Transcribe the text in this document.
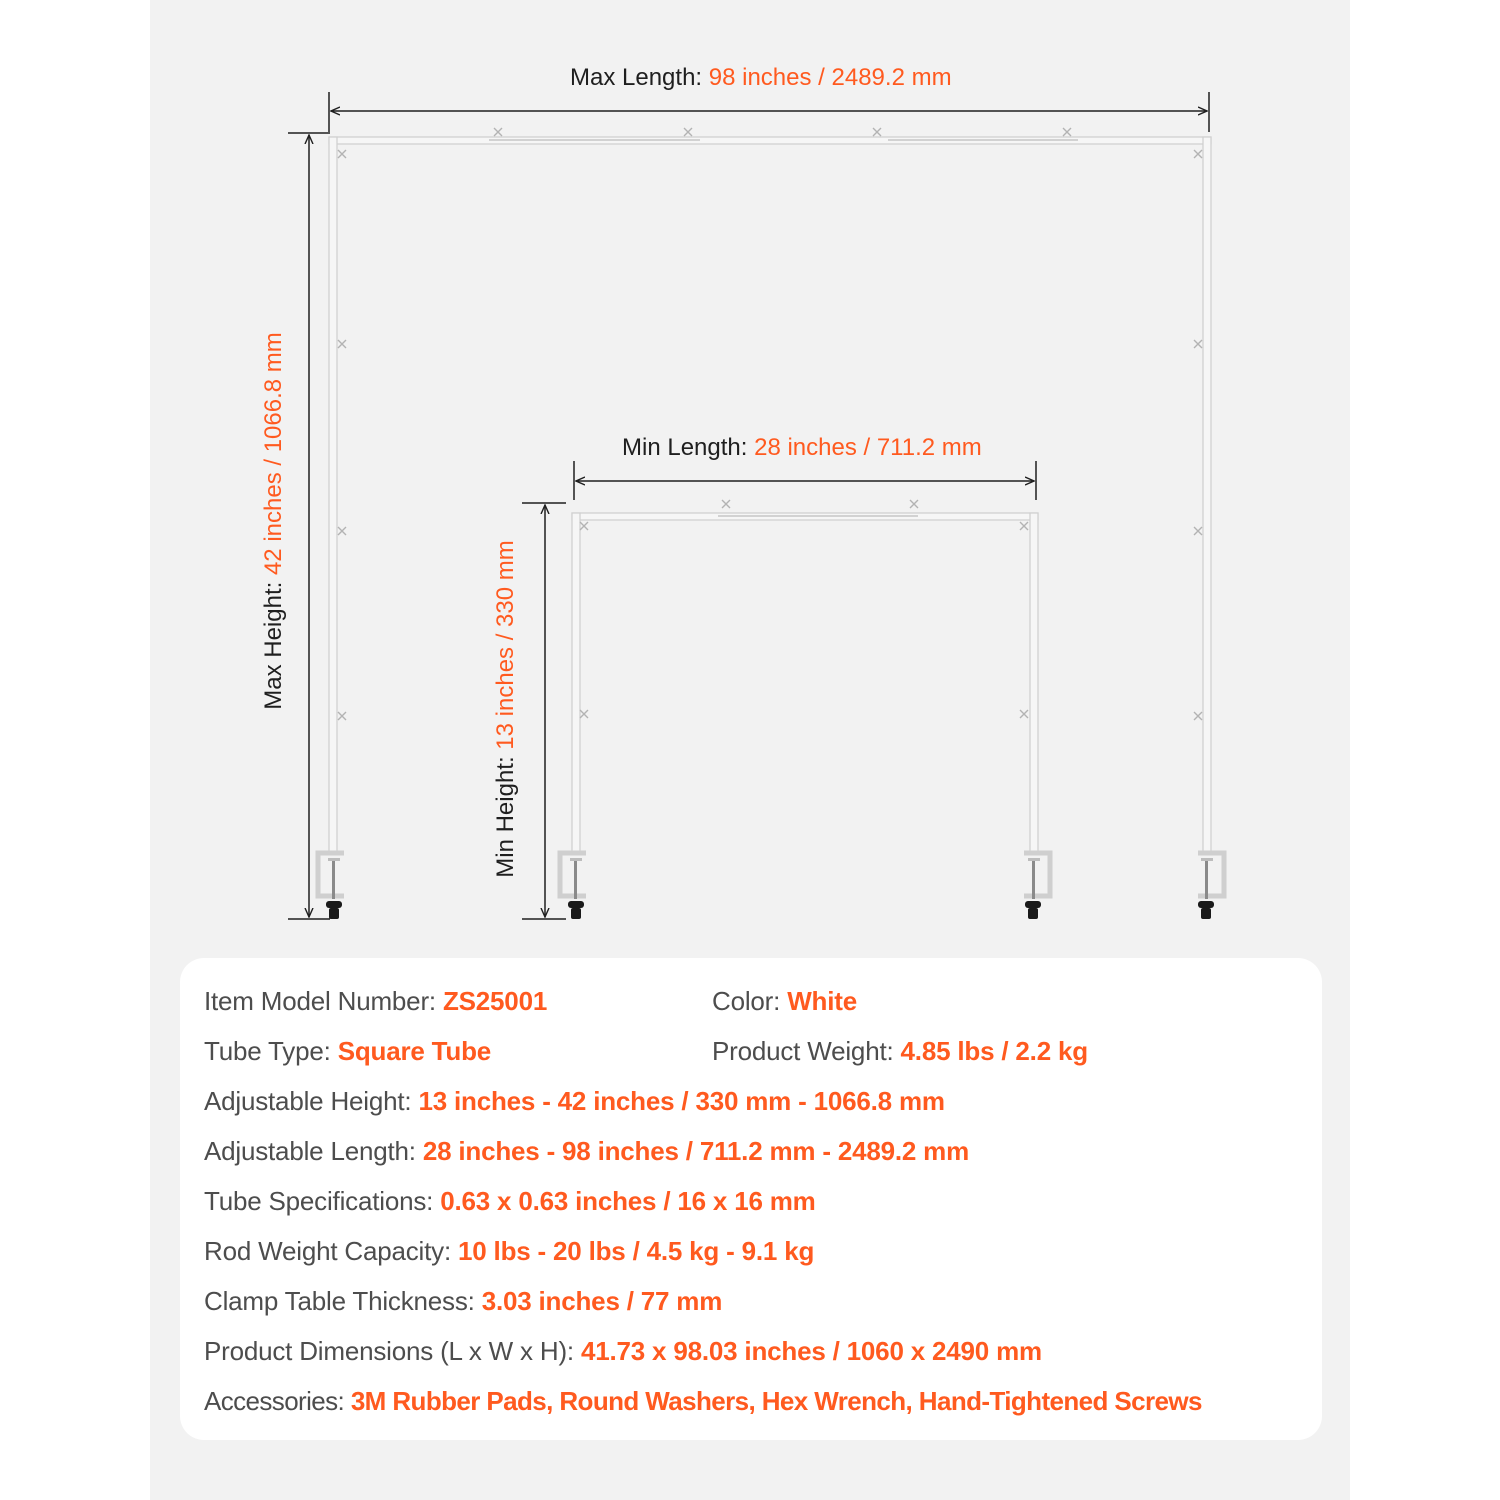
Max Length: 98 inches / 2489.2 mm
Max Height: 42 inches / 1066.8 mm	Min Length: 28 inches / 711.2 mm
Min Height: 13 inches / 330 mm
Item Model Number: ZS25001	Color: White
Tube Type: Square Tube	Product Weight: 4.85 lbs / 2.2 kg
Adjustable Height: 13 inches - 42 inches / 330 mm - 1066.8 mm
Adjustable Length: 28 inches - 98 inches / 711.2 mm - 2489.2 mm
Tube Specifications: 0.63 x 0.63 inches / 16 x 16 mm
Rod Weight Capacity: 10 lbs - 20 lbs / 4.5 kg - 9.1 kg
Clamp Table Thickness: 3.03 inches / 77 mm
Product Dimensions (L x W x H): 41.73 x 98.03 inches / 1060 x 2490 mm
Accessories: 3M Rubber Pads, Round Washers, Hex Wrench, Hand-Tightened Screws
